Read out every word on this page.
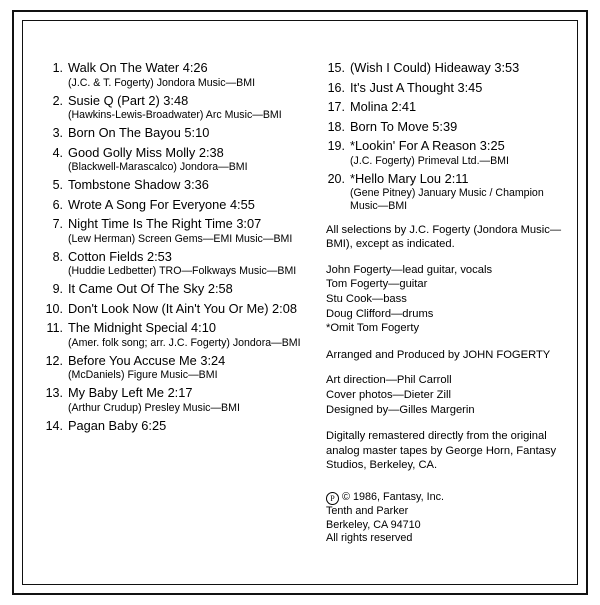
1. Walk On The Water 4:26
(J.C. & T. Fogerty) Jondora Music—BMI
2. Susie Q (Part 2) 3:48
(Hawkins-Lewis-Broadwater) Arc Music—BMI
3. Born On The Bayou 5:10
4. Good Golly Miss Molly 2:38
(Blackwell-Marascalco) Jondora—BMI
5. Tombstone Shadow 3:36
6. Wrote A Song For Everyone 4:55
7. Night Time Is The Right Time 3:07
(Lew Herman) Screen Gems—EMI Music—BMI
8. Cotton Fields 2:53
(Huddie Ledbetter) TRO—Folkways Music—BMI
9. It Came Out Of The Sky 2:58
10. Don't Look Now (It Ain't You Or Me) 2:08
11. The Midnight Special 4:10
(Amer. folk song; arr. J.C. Fogerty) Jondora—BMI
12. Before You Accuse Me 3:24
(McDaniels) Figure Music—BMI
13. My Baby Left Me 2:17
(Arthur Crudup) Presley Music—BMI
14. Pagan Baby 6:25
15. (Wish I Could) Hideaway 3:53
16. It's Just A Thought 3:45
17. Molina 2:41
18. Born To Move 5:39
19. *Lookin' For A Reason 3:25
(J.C. Fogerty) Primeval Ltd.—BMI
20. *Hello Mary Lou 2:11
(Gene Pitney) January Music / Champion Music—BMI
All selections by J.C. Fogerty (Jondora Music—BMI), except as indicated.
John Fogerty—lead guitar, vocals
Tom Fogerty—guitar
Stu Cook—bass
Doug Clifford—drums
*Omit Tom Fogerty
Arranged and Produced by JOHN FOGERTY
Art direction—Phil Carroll
Cover photos—Dieter Zill
Designed by—Gilles Margerin
Digitally remastered directly from the original analog master tapes by George Horn, Fantasy Studios, Berkeley, CA.
P © 1986, Fantasy, Inc.
Tenth and Parker
Berkeley, CA 94710
All rights reserved
